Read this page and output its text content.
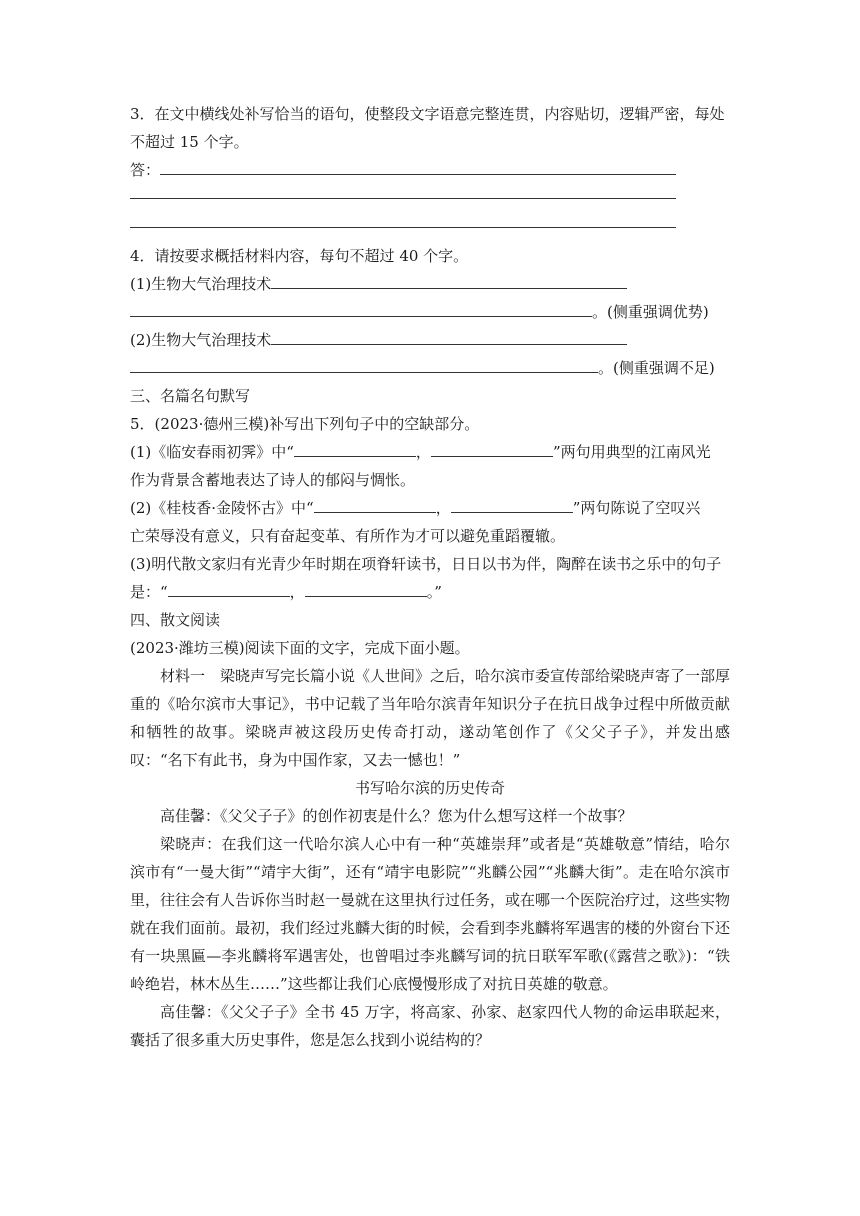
3．在文中横线处补写恰当的语句，使整段文字语意完整连贯，内容贴切，逻辑严密，每处
不超过 15 个字。
答：
4．请按要求概括材料内容，每句不超过 40 个字。
(1)生物大气治理技术
。(侧重强调优势)
(2)生物大气治理技术
。(侧重强调不足)
三、名篇名句默写
5．(2023·德州三模)补写出下列句子中的空缺部分。
(1)《临安春雨初霁》中“	，	”两句用典型的江南风光
作为背景含蓄地表达了诗人的郁闷与惆怅。
(2)《桂枝香·金陵怀古》中“	，	”两句陈说了空叹兴
亡荣辱没有意义，只有奋起变革、有所作为才可以避免重蹈覆辙。
(3)明代散文家归有光青少年时期在项脊轩读书，日日以书为伴，陶醉在读书之乐中的句子
是：“	，	。”
四、散文阅读
(2023·潍坊三模)阅读下面的文字，完成下面小题。
材料一　梁晓声写完长篇小说《人世间》之后，哈尔滨市委宣传部给梁晓声寄了一部厚重的《哈尔滨市大事记》，书中记载了当年哈尔滨青年知识分子在抗日战争过程中所做贡献和牺牲的故事。梁晓声被这段历史传奇打动，遂动笔创作了《父父子子》，并发出感叹：“名下有此书，身为中国作家，又去一憾也！”
书写哈尔滨的历史传奇
高佳馨：《父父子子》的创作初衷是什么？您为什么想写这样一个故事？
梁晓声：在我们这一代哈尔滨人心中有一种“英雄崇拜”或者是“英雄敬意”情结，哈尔滨市有“一曼大街”“靖宇大街”，还有“靖宇电影院”“兆麟公园”“兆麟大街”。走在哈尔滨市里，往往会有人告诉你当时赵一曼就在这里执行过任务，或在哪一个医院治疗过，这些实物就在我们面前。最初，我们经过兆麟大街的时候，会看到李兆麟将军遇害的楼的外窗台下还有一块黑匾—李兆麟将军遇害处，也曾唱过李兆麟写词的抗日联军军歌(《露营之歌》)：“铁岭绝岩，林木丛生……”这些都让我们心底慢慢形成了对抗日英雄的敬意。
高佳馨：《父父子子》全书 45 万字，将高家、孙家、赵家四代人物的命运串联起来，囊括了很多重大历史事件，您是怎么找到小说结构的？
